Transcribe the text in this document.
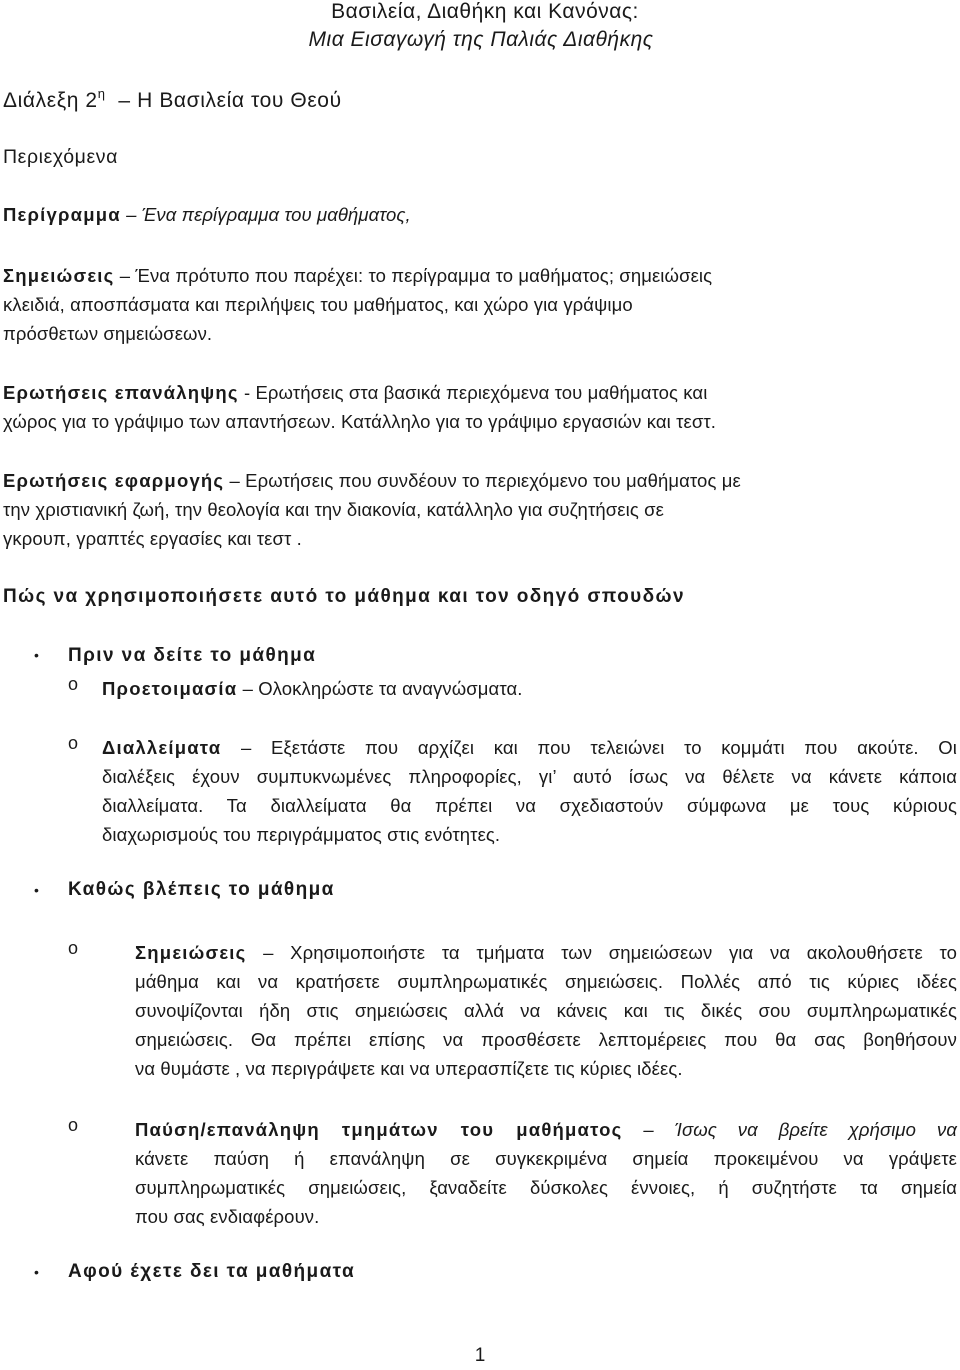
Βασιλεία, Διαθήκη και Κανόνας:
Μια Εισαγωγή της Παλιάς Διαθήκης
Διάλεξη $2^\eta$  – Η Βασιλεία του Θεού
Περιεχόμενα
Περίγραμμα – Ένα περίγραμμα του μαθήματος,
Σημειώσεις – Ένα πρότυπο που παρέχει: το περίγραμμα το μαθήματος; σημειώσεις
κλειδιά, αποσπάσματα και περιλήψεις του μαθήματος, και χώρο για γράψιμο
πρόσθετων σημειώσεων.
Ερωτήσεις επανάληψης - Ερωτήσεις στα βασικά περιεχόμενα του μαθήματος και
χώρος για το γράψιμο των απαντήσεων. Κατάλληλο για το γράψιμο εργασιών και τεστ.
Ερωτήσεις εφαρμογής – Ερωτήσεις που συνδέουν το περιεχόμενο του μαθήματος με
την χριστιανική ζωή, την θεολογία και την διακονία, κατάλληλο για συζητήσεις σε
γκρουπ, γραπτές εργασίες και τεστ .
Πώς να χρησιμοποιήσετε αυτό το μάθημα και τον οδηγό σπουδών
• Πριν να δείτε το μάθημα
o Προετοιμασία – Ολοκληρώστε τα αναγνώσματα.
o Διαλλείματα – Εξετάστε που αρχίζει και που τελειώνει το κομμάτι που ακούτε. Οι
διαλέξεις έχουν συμπυκνωμένες πληροφορίες, γι’ αυτό ίσως να θέλετε να κάνετε κάποια
διαλλείματα. Τα διαλλείματα θα πρέπει να σχεδιαστούν σύμφωνα με τους κύριους
διαχωρισμούς του περιγράμματος στις ενότητες.
• Καθώς βλέπεις το μάθημα
o	Σημειώσεις – Χρησιμοποιήστε τα τμήματα των σημειώσεων για να ακολουθήσετε το
μάθημα και να κρατήσετε συμπληρωματικές σημειώσεις. Πολλές από τις κύριες ιδέες
συνοψίζονται ήδη στις σημειώσεις αλλά να κάνεις και τις δικές σου συμπληρωματικές
σημειώσεις. Θα πρέπει επίσης να προσθέσετε λεπτομέρειες που θα σας βοηθήσουν
να θυμάστε , να περιγράψετε και να υπερασπίζετε τις κύριες ιδέες.
o	Παύση/επανάληψη τμημάτων του μαθήματος – Ίσως να βρείτε χρήσιμο να
κάνετε παύση ή επανάληψη σε συγκεκριμένα σημεία προκειμένου να γράψετε
συμπληρωματικές σημειώσεις, ξαναδείτε δύσκολες έννοιες, ή συζητήστε τα σημεία
που σας ενδιαφέρουν.
• Αφού έχετε δει τα μαθήματα
1
